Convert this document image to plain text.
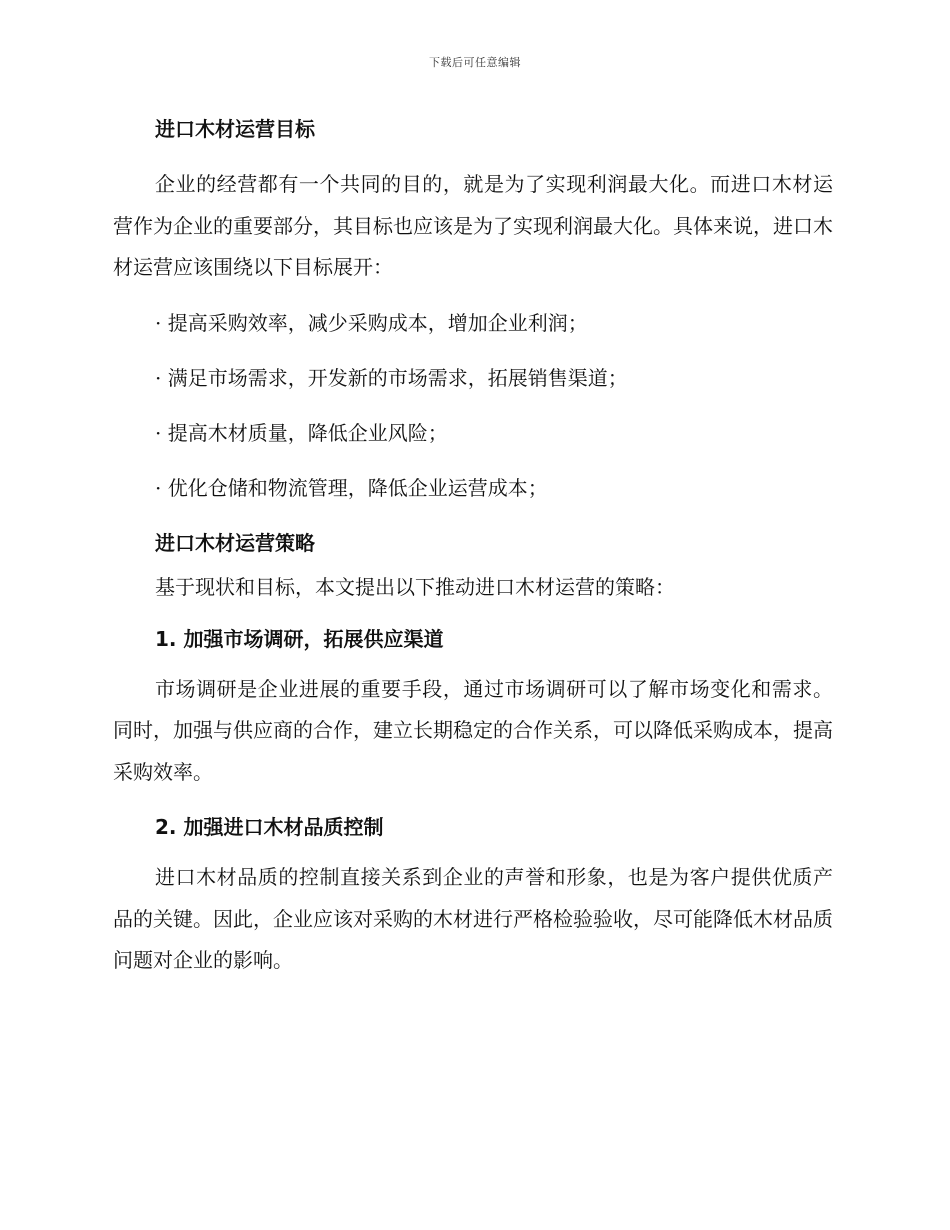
下载后可任意编辑
进口木材运营目标

企业的经营都有一个共同的目的，就是为了实现利润最大化。而进口木材运营作为企业的重要部分，其目标也应该是为了实现利润最大化。具体来说，进口木材运营应该围绕以下目标展开：

· 提高采购效率，减少采购成本，增加企业利润；

· 满足市场需求，开发新的市场需求，拓展销售渠道；

· 提高木材质量，降低企业风险；

· 优化仓储和物流管理，降低企业运营成本；

进口木材运营策略

基于现状和目标，本文提出以下推动进口木材运营的策略：

1. 加强市场调研，拓展供应渠道

市场调研是企业进展的重要手段，通过市场调研可以了解市场变化和需求。同时，加强与供应商的合作，建立长期稳定的合作关系，可以降低采购成本，提高采购效率。

2. 加强进口木材品质控制

进口木材品质的控制直接关系到企业的声誉和形象，也是为客户提供优质产品的关键。因此，企业应该对采购的木材进行严格检验验收，尽可能降低木材品质问题对企业的影响。
